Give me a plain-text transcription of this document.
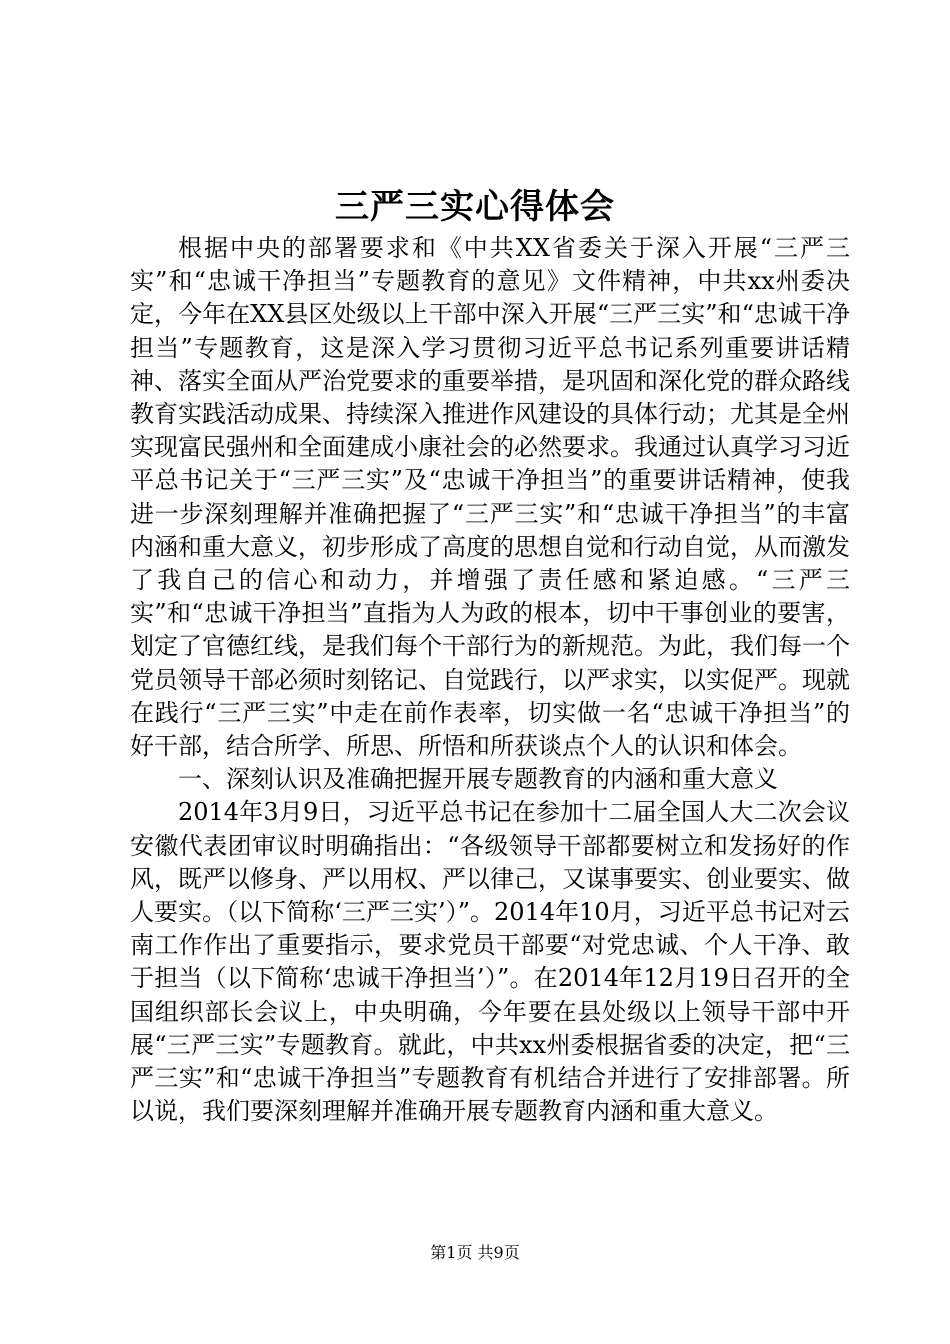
三严三实心得体会

根据中央的部署要求和《中共XX省委关于深入开展“三严三实”和“忠诚干净担当”专题教育的意见》文件精神，中共xx州委决定，今年在XX县区处级以上干部中深入开展“三严三实”和“忠诚干净担当”专题教育，这是深入学习贯彻习近平总书记系列重要讲话精神、落实全面从严治党要求的重要举措，是巩固和深化党的群众路线教育实践活动成果、持续深入推进作风建设的具体行动；尤其是全州实现富民强州和全面建成小康社会的必然要求。我通过认真学习习近平总书记关于“三严三实”及“忠诚干净担当”的重要讲话精神，使我进一步深刻理解并准确把握了“三严三实”和“忠诚干净担当”的丰富内涵和重大意义，初步形成了高度的思想自觉和行动自觉，从而激发了我自己的信心和动力，并增强了责任感和紧迫感。“三严三实”和“忠诚干净担当”直指为人为政的根本，切中干事创业的要害，划定了官德红线，是我们每个干部行为的新规范。为此，我们每一个党员领导干部必须时刻铭记、自觉践行，以严求实，以实促严。现就在践行“三严三实”中走在前作表率，切实做一名“忠诚干净担当”的好干部，结合所学、所思、所悟和所获谈点个人的认识和体会。

一、深刻认识及准确把握开展专题教育的内涵和重大意义

2014年3月9日，习近平总书记在参加十二届全国人大二次会议安徽代表团审议时明确指出：“各级领导干部都要树立和发扬好的作风，既严以修身、严以用权、严以律己，又谋事要实、创业要实、做人要实。（以下简称‘三严三实’）”。2014年10月，习近平总书记对云南工作作出了重要指示，要求党员干部要“对党忠诚、个人干净、敢于担当（以下简称‘忠诚干净担当’）”。在2014年12月19日召开的全国组织部长会议上，中央明确，今年要在县处级以上领导干部中开展“三严三实”专题教育。就此，中共xx州委根据省委的决定，把“三严三实”和“忠诚干净担当”专题教育有机结合并进行了安排部署。所以说，我们要深刻理解并准确开展专题教育内涵和重大意义。

第1页 共9页
